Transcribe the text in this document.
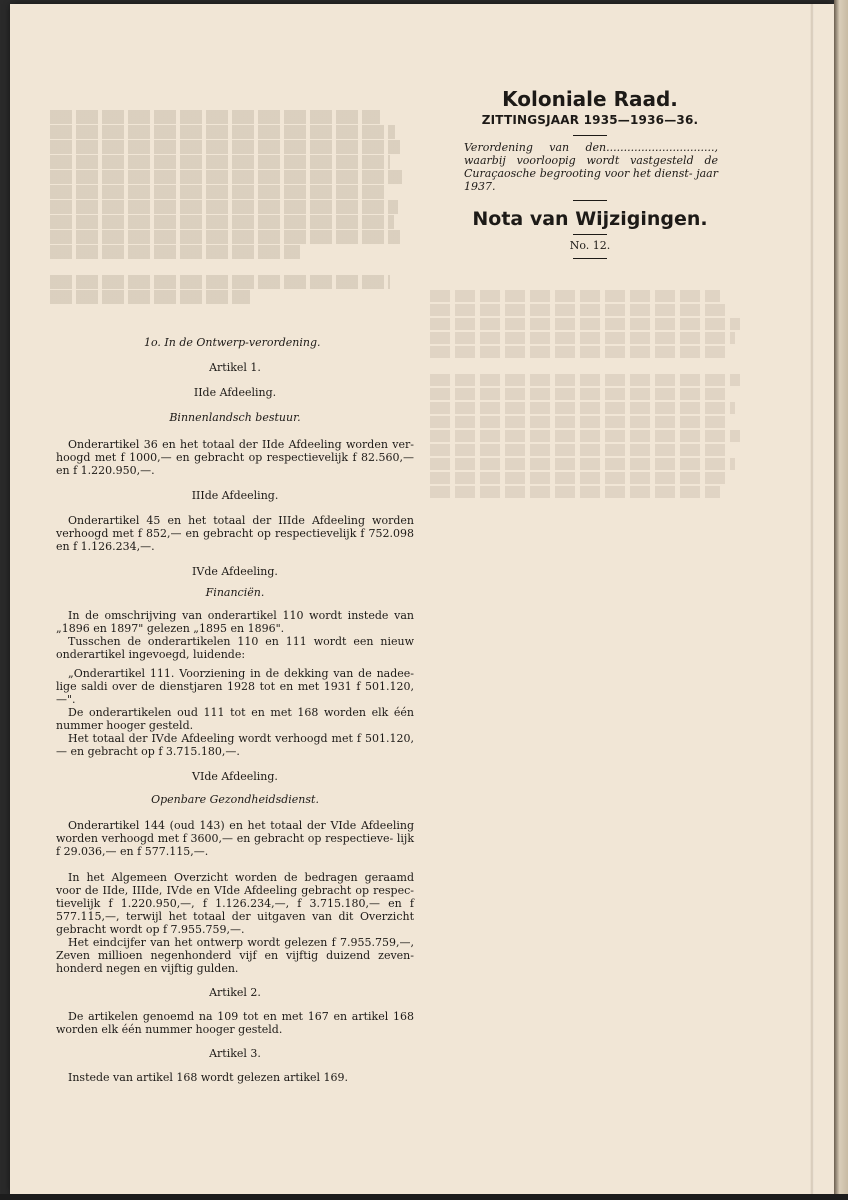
Koloniale Raad.

ZITTINGSJAAR 1935—1936—36.

Verordening van den..............................., waarbij voorloopig wordt vastgesteld de Curaçaosche begrooting voor het dienst- jaar 1937.

Nota van Wijzigingen.

No. 12.

1o. In de Ontwerp-verordening.

Artikel 1.

IIde Afdeeling.

Binnenlandsch bestuur.

Onderartikel 36 en het totaal der IIde Afdeeling worden ver- hoogd met f 1000,— en gebracht op respectievelijk f 82.560,— en f 1.220.950,—.

IIIde Afdeeling.

Onderartikel 45 en het totaal der IIIde Afdeeling worden verhoogd met f 852,— en gebracht op respectievelijk f 752.098 en f 1.126.234,—.

IVde Afdeeling.

Financiën.

In de omschrijving van onderartikel 110 wordt instede van „1896 en 1897" gelezen „1895 en 1896".

Tusschen de onderartikelen 110 en 111 wordt een nieuw onderartikel ingevoegd, luidende:

„Onderartikel 111. Voorziening in de dekking van de nadee- lige saldi over de dienstjaren 1928 tot en met 1931 f 501.120,—".

De onderartikelen oud 111 tot en met 168 worden elk één nummer hooger gesteld.

Het totaal der IVde Afdeeling wordt verhoogd met f 501.120,— en gebracht op f 3.715.180,—.

VIde Afdeeling.

Openbare Gezondheidsdienst.

Onderartikel 144 (oud 143) en het totaal der VIde Afdeeling worden verhoogd met f 3600,— en gebracht op respectieve- lijk f 29.036,— en f 577.115,—.

In het Algemeen Overzicht worden de bedragen geraamd voor de IIde, IIIde, IVde en VIde Afdeeling gebracht op respec- tievelijk f 1.220.950,—, f 1.126.234,—, f 3.715.180,— en f 577.115,—, terwijl het totaal der uitgaven van dit Overzicht gebracht wordt op f 7.955.759,—.

Het eindcijfer van het ontwerp wordt gelezen f 7.955.759,—, Zeven millioen negenhonderd vijf en vijftig duizend zeven- honderd negen en vijftig gulden.

Artikel 2.

De artikelen genoemd na 109 tot en met 167 en artikel 168 worden elk één nummer hooger gesteld.

Artikel 3.

Instede van artikel 168 wordt gelezen artikel 169.
